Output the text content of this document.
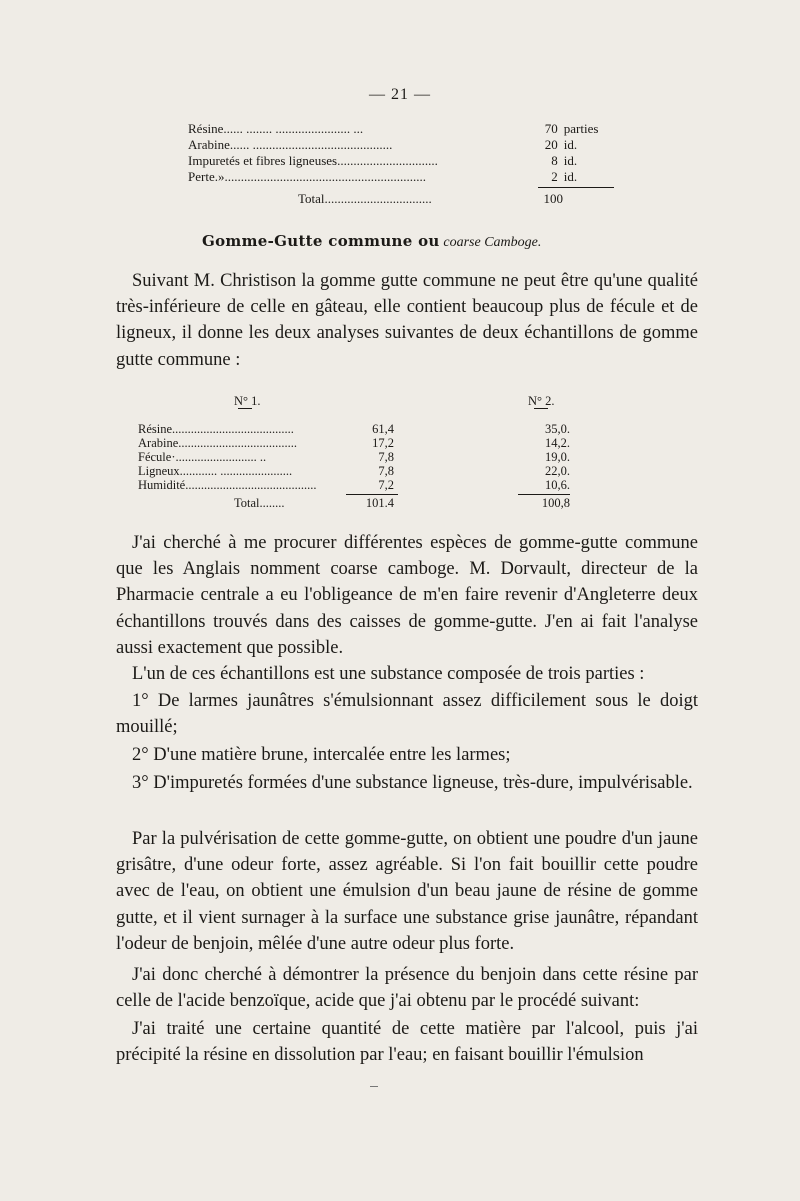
— 21 —
Résine...... ........ ....................... ...	70 parties
Arabine...... ...........................................	20 id.
Impuretés et fibres ligneuses...............................	8 id.
Perte.»..............................................................	2 id.
Total.................................	100
Gomme-Gutte commune ou coarse Camboge.

Suivant M. Christison la gomme gutte commune ne peut être qu'une qualité très-inférieure de celle en gâteau, elle contient beaucoup plus de fécule et de ligneux, il donne les deux analyses suivantes de deux échantillons de gomme gutte commune :

N° 1.	N° 2.
Résine.......................................	61,4	35,0.
Arabine......................................	17,2	14,2.
Fécule·.......................... ..	7,8	19,0.
Ligneux............ .......................	7,8	22,0.
Humidité..........................................	7,2	10,6.
Total........	101.4	100,8

J'ai cherché à me procurer différentes espèces de gomme-gutte commune que les Anglais nomment coarse camboge. M. Dorvault, directeur de la Pharmacie centrale a eu l'obligeance de m'en faire revenir d'Angleterre deux échantillons trouvés dans des caisses de gomme-gutte. J'en ai fait l'analyse aussi exactement que possible.

L'un de ces échantillons est une substance composée de trois parties :

1° De larmes jaunâtres s'émulsionnant assez difficilement sous le doigt mouillé;

2° D'une matière brune, intercalée entre les larmes;

3° D'impuretés formées d'une substance ligneuse, très-dure, impulvérisable.

Par la pulvérisation de cette gomme-gutte, on obtient une poudre d'un jaune grisâtre, d'une odeur forte, assez agréable. Si l'on fait bouillir cette poudre avec de l'eau, on obtient une émulsion d'un beau jaune de résine de gomme gutte, et il vient surnager à la surface une substance grise jaunâtre, répandant l'odeur de benjoin, mêlée d'une autre odeur plus forte.

J'ai donc cherché à démontrer la présence du benjoin dans cette résine par celle de l'acide benzoïque, acide que j'ai obtenu par le procédé suivant:

J'ai traité une certaine quantité de cette matière par l'alcool, puis j'ai précipité la résine en dissolution par l'eau; en faisant bouillir l'émulsion
